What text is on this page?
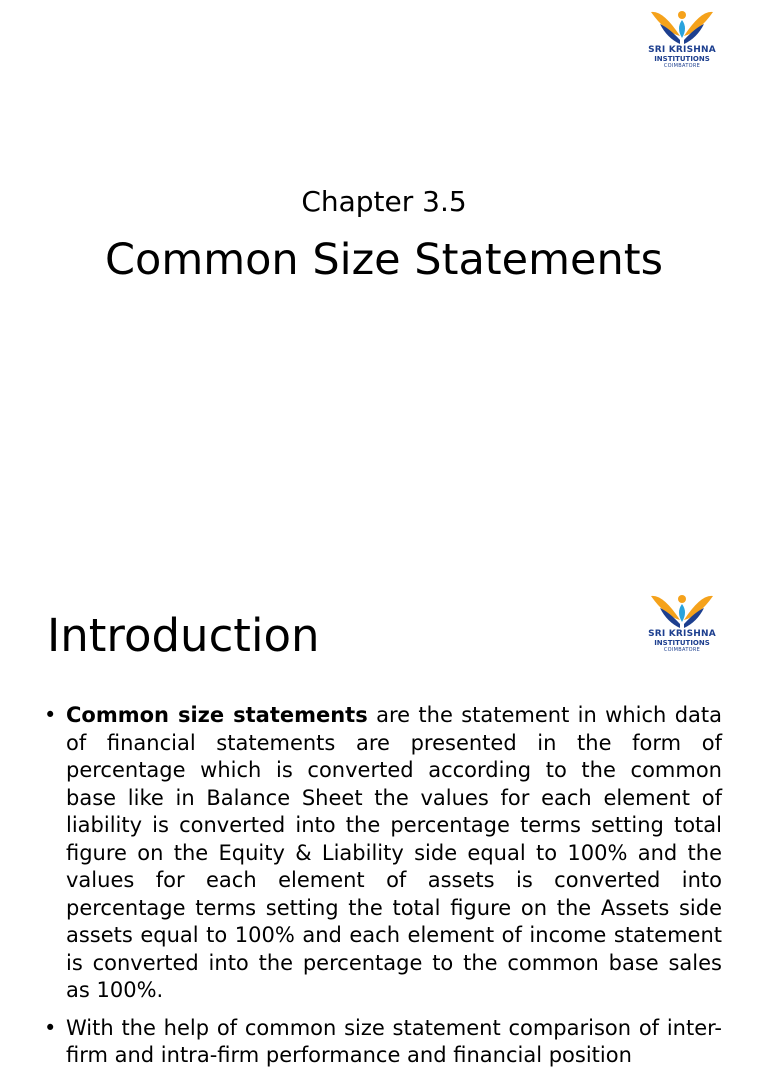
SRI KRISHNA
INSTITUTIONS
COIMBATORE
Chapter 3.5
Common Size Statements
SRI KRISHNA
INSTITUTIONS
COIMBATORE
Introduction
• Common size statements are the statement in which data of financial statements are presented in the form of percentage which is converted according to the common base like in Balance Sheet the values for each element of liability is converted into the percentage terms setting total figure on the Equity & Liability side equal to 100% and the values for each element of assets is converted into percentage terms setting the total figure on the Assets side assets equal to 100% and each element of income statement is converted into the percentage to the common base sales as 100%.
• With the help of common size statement comparison of inter-firm and intra-firm performance and financial position
